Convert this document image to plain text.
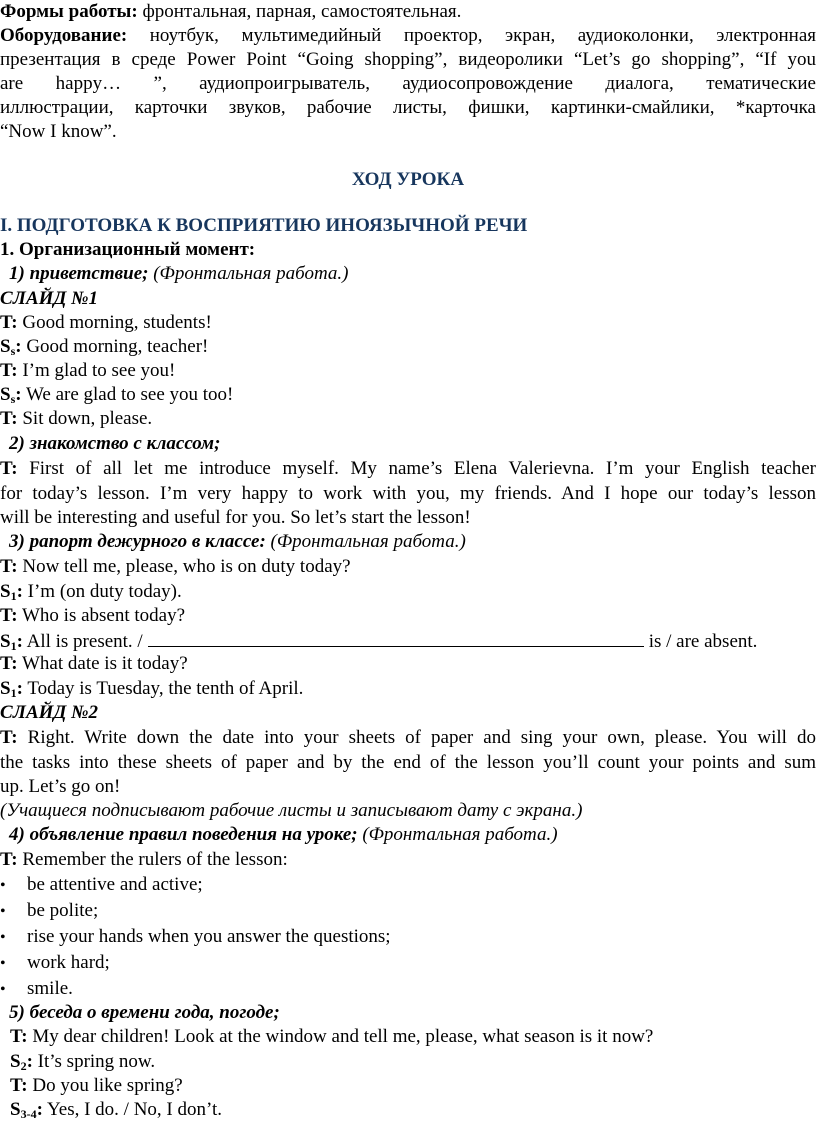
Формы работы: фронтальная, парная, самостоятельная.
Оборудование: ноутбук, мультимедийный проектор, экран, аудиоколонки, электронная
презентация в среде Power Point “Going shopping”, видеоролики “Let’s go shopping”, “If you
are happy… ”, аудиопроигрыватель, аудиосопровождение диалога, тематические
иллюстрации, карточки звуков, рабочие листы, фишки, картинки-смайлики, *карточка
“Now I know”.
ХОД УРОКА
I. ПОДГОТОВКА К ВОСПРИЯТИЮ ИНОЯЗЫЧНОЙ РЕЧИ
1. Организационный момент:
1) приветствие; (Фронтальная работа.)
СЛАЙД №1
T: Good morning, students!
$S_s$: Good morning, teacher!
T: I’m glad to see you!
$S_s$: We are glad to see you too!
T: Sit down, please.
2) знакомство с классом;
T: First of all let me introduce myself. My name’s Elena Valerievna. I’m your English teacher
for today’s lesson. I’m very happy to work with you, my friends. And I hope our today’s lesson
will be interesting and useful for you. So let’s start the lesson!
3) рапорт дежурного в классе: (Фронтальная работа.)
T: Now tell me, please, who is on duty today?
$S_1$: I’m (on duty today).
T: Who is absent today?
$S_1$: All is present. /	is / are absent.
T: What date is it today?
$S_1$: Today is Tuesday, the tenth of April.
СЛАЙД №2
T: Right. Write down the date into your sheets of paper and sing your own, please. You will do
the tasks into these sheets of paper and by the end of the lesson you’ll count your points and sum
up. Let’s go on!
(Учащиеся подписывают рабочие листы и записывают дату с экрана.)
4) объявление правил поведения на уроке; (Фронтальная работа.)
T: Remember the rulers of the lesson:
• be attentive and active;
• be polite;
• rise your hands when you answer the questions;
• work hard;
• smile.
5) беседа о времени года, погоде;
T: My dear children! Look at the window and tell me, please, what season is it now?
$S_2$: It’s spring now.
T: Do you like spring?
$S_{3-4}$: Yes, I do. / No, I don’t.
